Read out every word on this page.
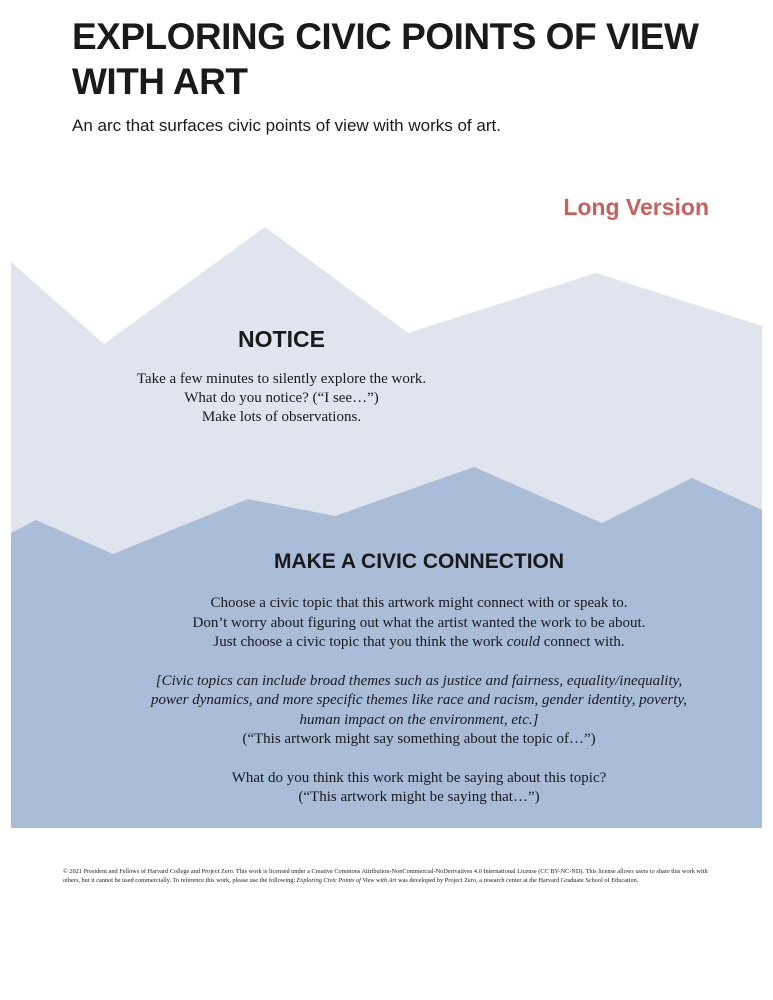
EXPLORING CIVIC POINTS OF VIEW
WITH ART

An arc that surfaces civic points of view with works of art.

Long Version
NOTICE
Take a few minutes to silently explore the work.
What do you notice? (“I see…”)
Make lots of observations.
MAKE A CIVIC CONNECTION

Choose a civic topic that this artwork might connect with or speak to.

Don’t worry about figuring out what the artist wanted the work to be about.

Just choose a civic topic that you think the work could connect with.

[Civic topics can include broad themes such as justice and fairness, equality/inequality, power dynamics, and more specific themes like race and racism, gender identity, poverty, human impact on the environment, etc.]

(“This artwork might say something about the topic of…”)

What do you think this work might be saying about this topic?

(“This artwork might be saying that…”)

© 2021 President and Fellows of Harvard College and Project Zero. This work is licensed under a Creative Commons Attribution-NonCommercial-NoDerivatives 4.0 International License (CC BY-NC-ND). This license allows users to share this work with others, but it cannot be used commercially. To reference this work, please use the following: Exploring Civic Points of View with Art was developed by Project Zero, a research center at the Harvard Graduate School of Education.
